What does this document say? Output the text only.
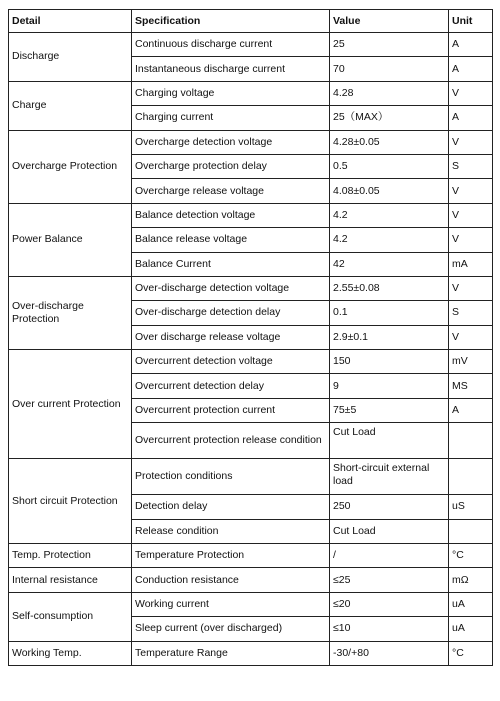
Detail	Specification	Value	Unit
Discharge	Continuous discharge current	25	A
	Instantaneous discharge current	70	A
Charge	Charging voltage	4.28	V
	Charging current	25（MAX）	A
Overcharge Protection	Overcharge detection voltage	4.28±0.05	V
	Overcharge protection delay	0.5	S
	Overcharge release voltage	4.08±0.05	V
Power Balance	Balance detection voltage	4.2	V
	Balance release voltage	4.2	V
	Balance Current	42	mA
Over-discharge Protection	Over-discharge detection voltage	2.55±0.08	V
	Over-discharge detection delay	0.1	S
	Over discharge release voltage	2.9±0.1	V
Over current Protection	Overcurrent detection voltage	150	mV
	Overcurrent detection delay	9	MS
	Overcurrent protection current	75±5	A
	Overcurrent protection release condition	Cut Load	
Short circuit Protection	Protection conditions	Short-circuit external load	
	Detection delay	250	uS
	Release condition	Cut Load	
Temp. Protection	Temperature Protection	/	°C
Internal resistance	Conduction resistance	≤25	mΩ
Self-consumption	Working current	≤20	uA
	Sleep current (over discharged)	≤10	uA
Working Temp.	Temperature Range	-30/+80	°C
